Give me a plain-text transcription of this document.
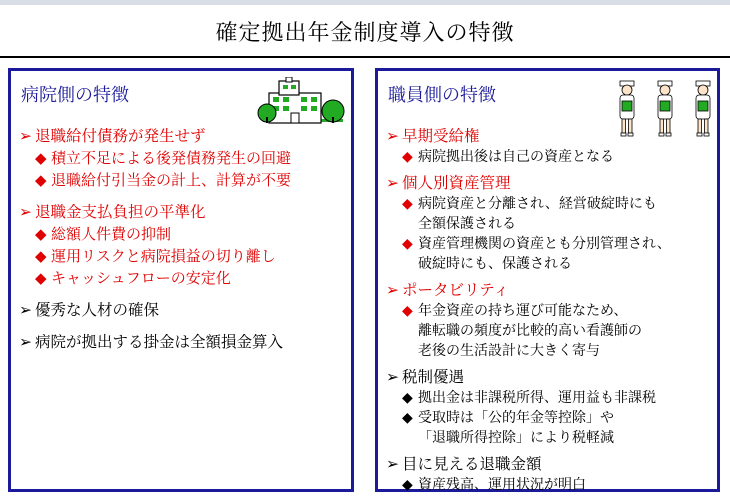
確定拠出年金制度導入の特徴
病院側の特徴
➢ 退職給付債務が発生せず
◆ 積立不足による後発債務発生の回避
◆ 退職給付引当金の計上、計算が不要
➢ 退職金支払負担の平準化
◆ 総額人件費の抑制
◆ 運用リスクと病院損益の切り離し
◆ キャッシュフローの安定化
➢ 優秀な人材の確保
➢ 病院が拠出する掛金は全額損金算入
職員側の特徴
➢ 早期受給権
◆ 病院拠出後は自己の資産となる
➢ 個人別資産管理
◆ 病院資産と分離され、経営破綻時にも
全額保護される
◆ 資産管理機関の資産とも分別管理され、
破綻時にも、保護される
➢ ポータビリティ
◆ 年金資産の持ち運び可能なため、
離転職の頻度が比較的高い看護師の
老後の生活設計に大きく寄与
➢ 税制優遇
◆ 拠出金は非課税所得、運用益も非課税
◆ 受取時は「公的年金等控除」や
「退職所得控除」により税軽減
➢ 目に見える退職金額
◆ 資産残高、運用状況が明白
